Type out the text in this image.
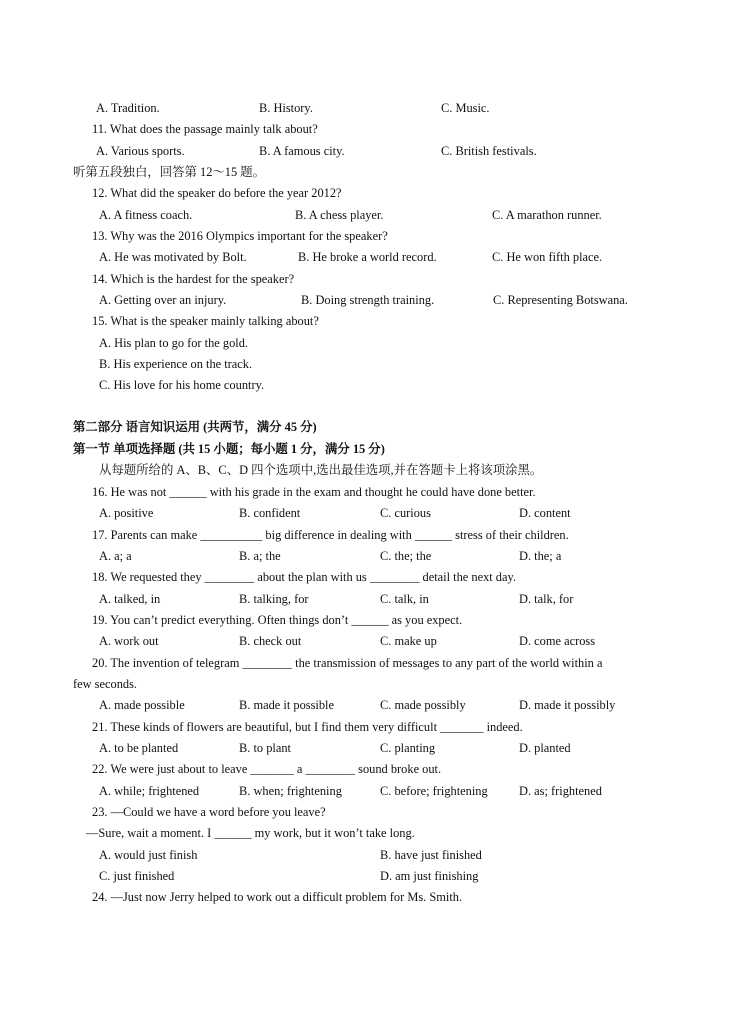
A. Tradition.	B. History.	C. Music.
11. What does the passage mainly talk about?
A. Various sports.	B. A famous city.	C. British festivals.
听第五段独白，回答第 12～15 题。
12. What did the speaker do before the year 2012?
A. A fitness coach.	B. A chess player.	C. A marathon runner.
13. Why was the 2016 Olympics important for the speaker?
A. He was motivated by Bolt.	B. He broke a world record.	C. He won fifth place.
14. Which is the hardest for the speaker?
A. Getting over an injury.	B. Doing strength training.	C. Representing Botswana.
15. What is the speaker mainly talking about?
A. His plan to go for the gold.
B. His experience on the track.
C. His love for his home country.
第二部分 语言知识运用 (共两节，满分 45 分)
第一节 单项选择题 (共 15 小题；每小题 1 分，满分 15 分)
从每题所给的 A、B、C、D 四个选项中,选出最佳选项,并在答题卡上将该项涂黑。
16. He was not ______ with his grade in the exam and thought he could have done better.
A. positive	B. confident	C. curious	D. content
17. Parents can make __________ big difference in dealing with ______ stress of their children.
A. a; a	B. a; the	C. the; the	D. the; a
18. We requested they ________ about the plan with us ________ detail the next day.
A. talked, in	B. talking, for	C. talk, in	D. talk, for
19. You can’t predict everything. Often things don’t ______ as you expect.
A. work out	B. check out	C. make up	D. come across
20. The invention of telegram ________ the transmission of messages to any part of the world within a
few seconds.
A. made possible	B. made it possible	C. made possibly	D. made it possibly
21. These kinds of flowers are beautiful, but I find them very difficult _______ indeed.
A. to be planted	B. to plant	C. planting	D. planted
22. We were just about to leave _______ a ________ sound broke out.
A. while; frightened	B. when; frightening	C. before; frightening	D. as; frightened
23. —Could we have a word before you leave?
—Sure, wait a moment. I ______ my work, but it won’t take long.
A. would just finish	B. have just finished
C. just finished	D. am just finishing
24. —Just now Jerry helped to work out a difficult problem for Ms. Smith.
